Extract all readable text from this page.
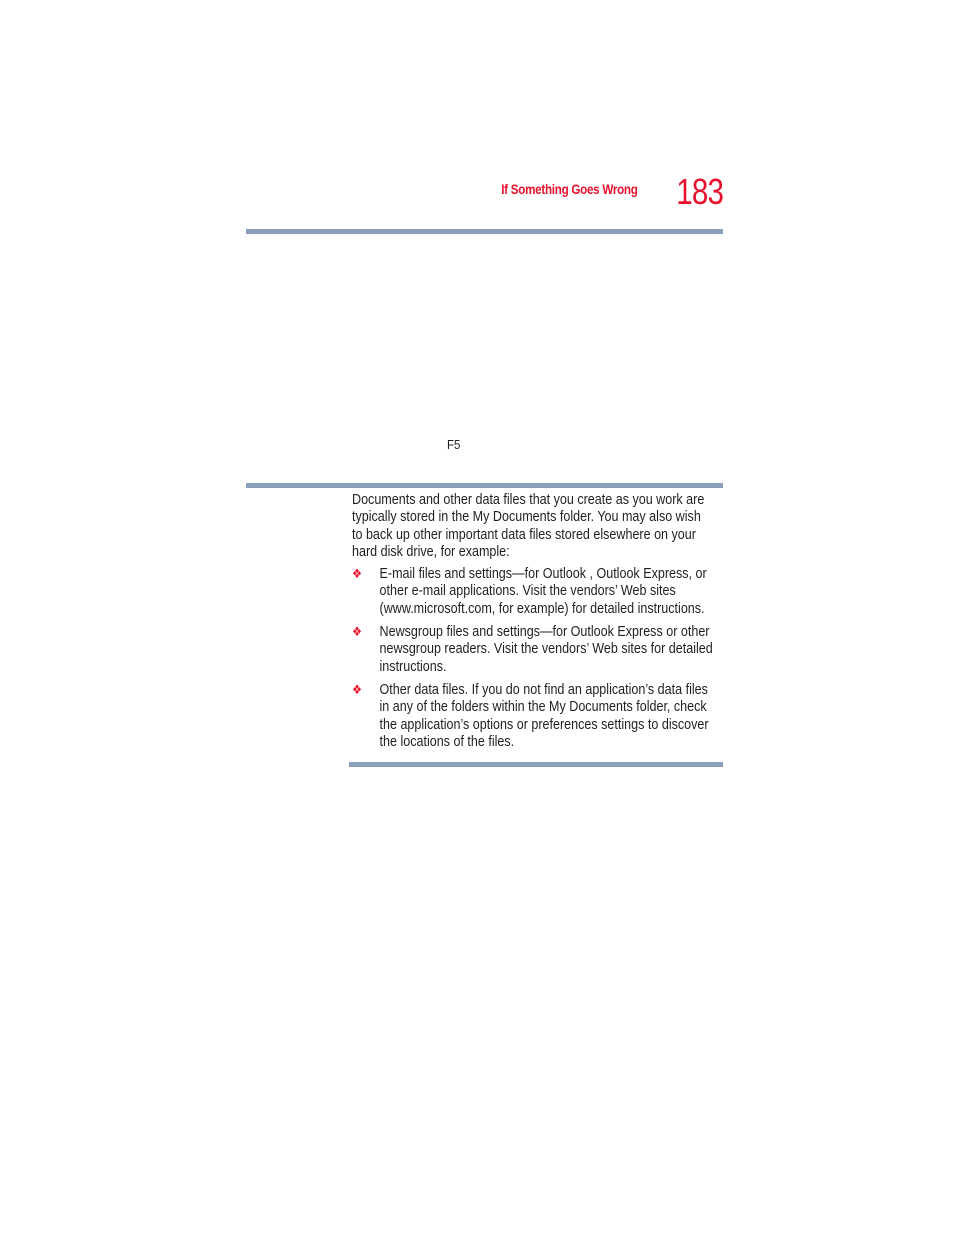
If Something Goes Wrong 183
F5

Documents and other data files that you create as you work are typically stored in the My Documents folder. You may also wish to back up other important data files stored elsewhere on your hard disk drive, for example:

❖ E-mail files and settings—for Outlook , Outlook Express, or other e-mail applications. Visit the vendors’ Web sites (www.microsoft.com, for example) for detailed instructions.
❖ Newsgroup files and settings—for Outlook Express or other newsgroup readers. Visit the vendors’ Web sites for detailed instructions.
❖ Other data files. If you do not find an application’s data files in any of the folders within the My Documents folder, check the application’s options or preferences settings to discover the locations of the files.
